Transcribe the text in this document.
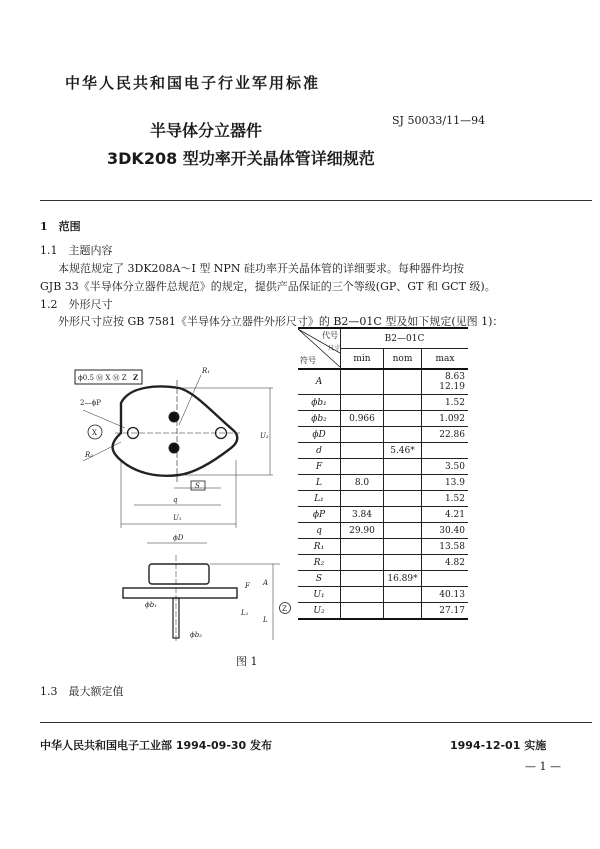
中华人民共和国电子行业军用标准
SJ 50033/11—94
半导体分立器件
3DK208 型功率开关晶体管详细规范
1　范围
1.1　主题内容
本规范规定了 3DK208A～I 型 NPN 硅功率开关晶体管的详细要求。每种器件均按
GJB 33《半导体分立器件总规范》的规定，提供产品保证的三个等级(GP、GT 和 GCT 级)。
1.2　外形尺寸
外形尺寸应按 GB 7581《半导体分立器件外形尺寸》的 B2—01C 型及如下规定(见图 1)：
ϕ0.5 Ⓜ X Ⓜ Z Z
U₂
U₁
q
S
R₁
2—ϕP
X
R₂
ϕD
A
L
F
L₁
ϕb₁
ϕb₂
Z
代号
尺寸
符号	B2—01C		
	min	nom	max
A			8.63
12.19
ϕb₁			1.52
ϕb₂	0.966		1.092
ϕD			22.86
d		5.46*	
F			3.50
L	8.0		13.9
L₁			1.52
ϕP	3.84		4.21
q	29.90		30.40
R₁			13.58
R₂			4.82
S		16.89*	
U₁			40.13
U₂			27.17
图 1
1.3　最大额定值
中华人民共和国电子工业部 1994-09-30 发布	1994-12-01 实施
— 1 —
